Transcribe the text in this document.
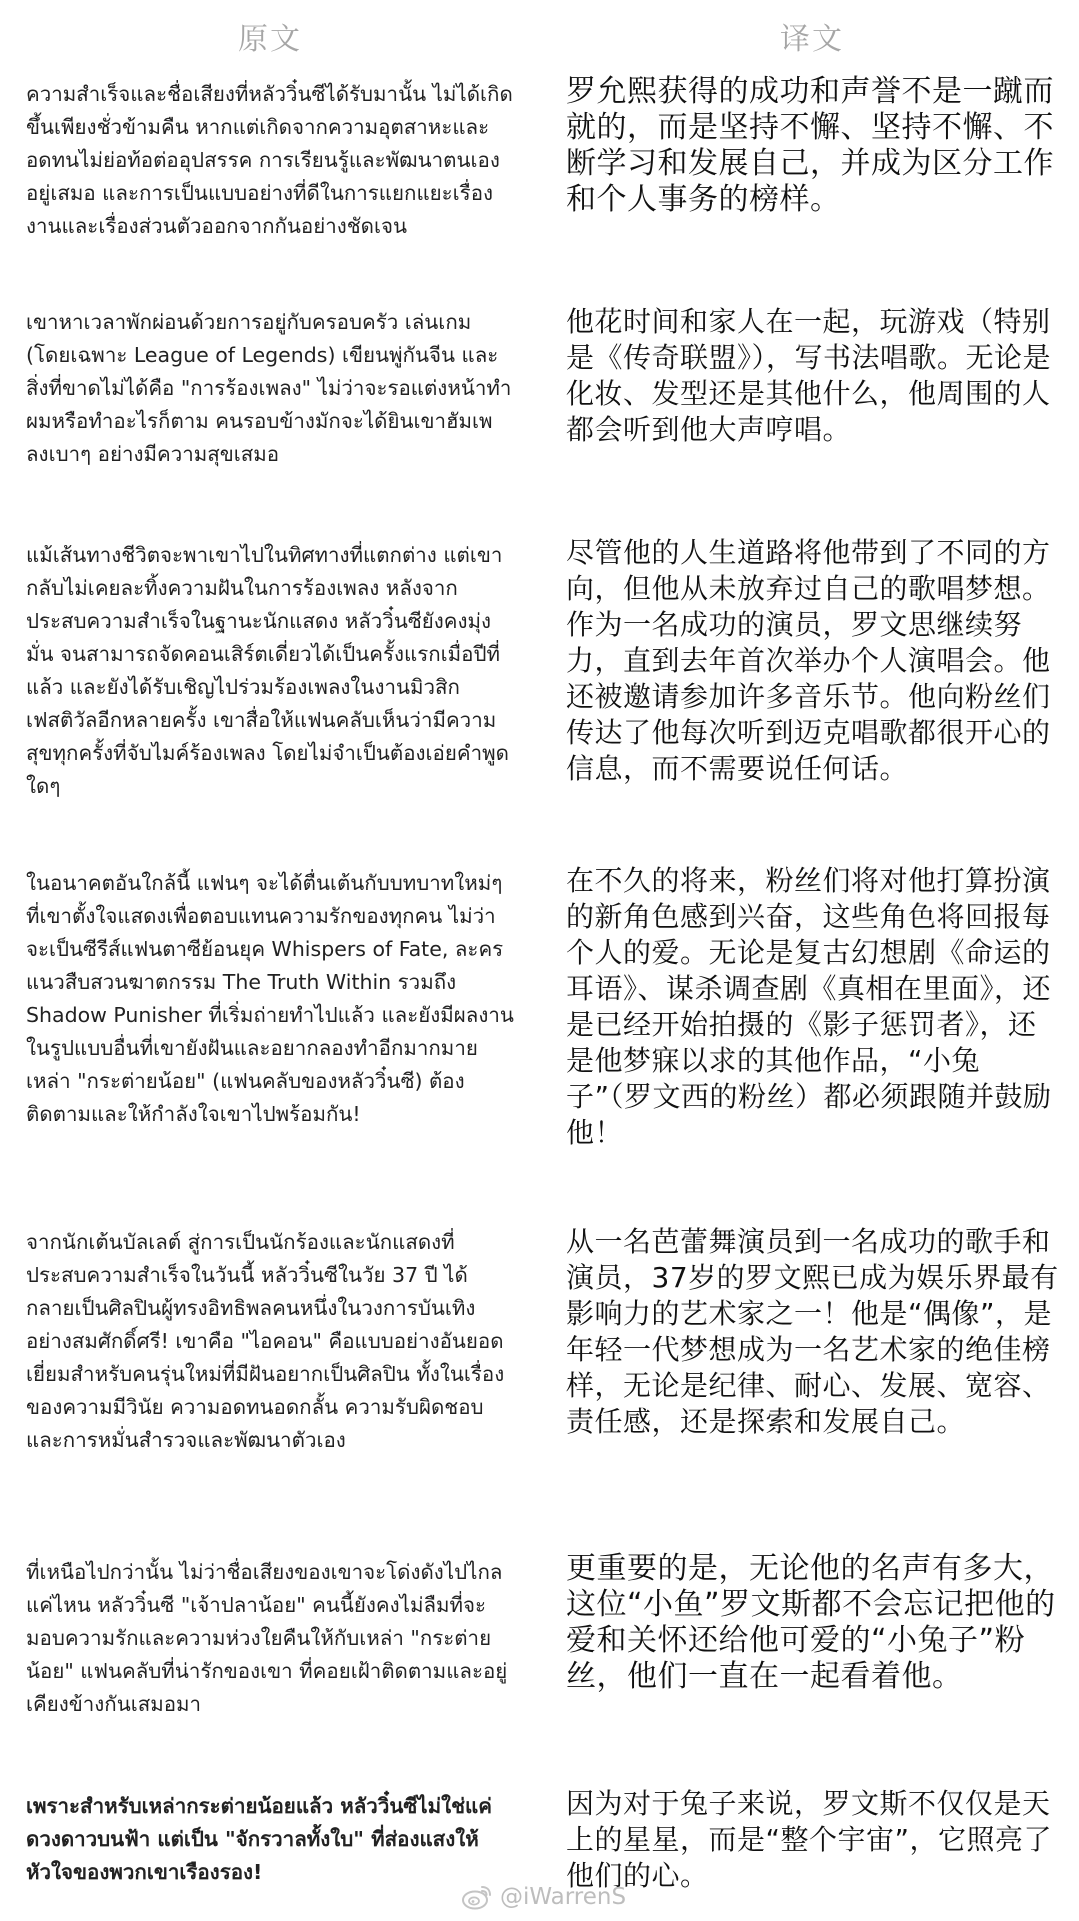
原文	译文

ความสำเร็จและชื่อเสียงที่หลัววิ๋นซีได้รับมานั้น ไม่ได้เกิดขึ้นเพียงชั่วข้ามคืน หากแต่เกิดจากความอุตสาหะและอดทนไม่ย่อท้อต่ออุปสรรค การเรียนรู้และพัฒนาตนเองอยู่เสมอ และการเป็นแบบอย่างที่ดีในการแยกแยะเรื่องงานและเรื่องส่วนตัวออกจากกันอย่างชัดเจน

罗允熙获得的成功和声誉不是一蹴而就的，而是坚持不懈、坚持不懈、不断学习和发展自己，并成为区分工作和个人事务的榜样。

เขาหาเวลาพักผ่อนด้วยการอยู่กับครอบครัว เล่นเกม (โดยเฉพาะ League of Legends) เขียนพู่กันจีน และสิ่งที่ขาดไม่ได้คือ "การร้องเพลง" ไม่ว่าจะรอแต่งหน้าทำผมหรือทำอะไรก็ตาม คนรอบข้างมักจะได้ยินเขาฮัมเพลงเบาๆ อย่างมีความสุขเสมอ

他花时间和家人在一起，玩游戏（特别是《传奇联盟》），写书法唱歌。无论是化妆、发型还是其他什么，他周围的人都会听到他大声哼唱。

แม้เส้นทางชีวิตจะพาเขาไปในทิศทางที่แตกต่าง แต่เขากลับไม่เคยละทิ้งความฝันในการร้องเพลง หลังจากประสบความสำเร็จในฐานะนักแสดง หลัววิ๋นซียังคงมุ่งมั่น จนสามารถจัดคอนเสิร์ตเดี่ยวได้เป็นครั้งแรกเมื่อปีที่แล้ว และยังได้รับเชิญไปร่วมร้องเพลงในงานมิวสิกเฟสติวัลอีกหลายครั้ง เขาสื่อให้แฟนคลับเห็นว่ามีความสุขทุกครั้งที่จับไมค์ร้องเพลง โดยไม่จำเป็นต้องเอ่ยคำพูดใดๆ

尽管他的人生道路将他带到了不同的方向，但他从未放弃过自己的歌唱梦想。作为一名成功的演员，罗文思继续努力，直到去年首次举办个人演唱会。他还被邀请参加许多音乐节。他向粉丝们传达了他每次听到迈克唱歌都很开心的信息，而不需要说任何话。

ในอนาคตอันใกล้นี้ แฟนๆ จะได้ตื่นเต้นกับบทบาทใหม่ๆ ที่เขาตั้งใจแสดงเพื่อตอบแทนความรักของทุกคน ไม่ว่าจะเป็นซีรีส์แฟนตาซีย้อนยุค Whispers of Fate, ละครแนวสืบสวนฆาตกรรม The Truth Within รวมถึง Shadow Punisher ที่เริ่มถ่ายทำไปแล้ว และยังมีผลงานในรูปแบบอื่นที่เขายังฝันและอยากลองทำอีกมากมาย เหล่า "กระต่ายน้อย" (แฟนคลับของหลัววิ๋นซี) ต้องติดตามและให้กำลังใจเขาไปพร้อมกัน!

在不久的将来，粉丝们将对他打算扮演的新角色感到兴奋，这些角色将回报每个人的爱。无论是复古幻想剧《命运的耳语》、谋杀调查剧《真相在里面》，还是已经开始拍摄的《影子惩罚者》，还是他梦寐以求的其他作品，“小兔子”（罗文西的粉丝）都必须跟随并鼓励他！

จากนักเต้นบัลเลต์ สู่การเป็นนักร้องและนักแสดงที่ประสบความสำเร็จในวันนี้ หลัววิ๋นซีในวัย 37 ปี ได้กลายเป็นศิลปินผู้ทรงอิทธิพลคนหนึ่งในวงการบันเทิงอย่างสมศักดิ์ศรี! เขาคือ "ไอคอน" คือแบบอย่างอันยอดเยี่ยมสำหรับคนรุ่นใหม่ที่มีฝันอยากเป็นศิลปิน ทั้งในเรื่องของความมีวินัย ความอดทนอดกลั้น ความรับผิดชอบ และการหมั่นสำรวจและพัฒนาตัวเอง

从一名芭蕾舞演员到一名成功的歌手和演员，37岁的罗文熙已成为娱乐界最有影响力的艺术家之一！他是“偶像”，是年轻一代梦想成为一名艺术家的绝佳榜样，无论是纪律、耐心、发展、宽容、责任感，还是探索和发展自己。

ที่เหนือไปกว่านั้น ไม่ว่าชื่อเสียงของเขาจะโด่งดังไปไกลแค่ไหน หลัววิ๋นซี "เจ้าปลาน้อย" คนนี้ยังคงไม่ลืมที่จะมอบความรักและความห่วงใยคืนให้กับเหล่า "กระต่ายน้อย" แฟนคลับที่น่ารักของเขา ที่คอยเฝ้าติดตามและอยู่เคียงข้างกันเสมอมา

更重要的是，无论他的名声有多大，这位“小鱼”罗文斯都不会忘记把他的爱和关怀还给他可爱的“小兔子”粉丝，他们一直在一起看着他。

เพราะสำหรับเหล่ากระต่ายน้อยแล้ว หลัววิ๋นซีไม่ใช่แค่ดวงดาวบนฟ้า แต่เป็น "จักรวาลทั้งใบ" ที่ส่องแสงให้หัวใจของพวกเขาเรืองรอง!

因为对于兔子来说，罗文斯不仅仅是天上的星星，而是“整个宇宙”，它照亮了他们的心。

@iWarrenS
